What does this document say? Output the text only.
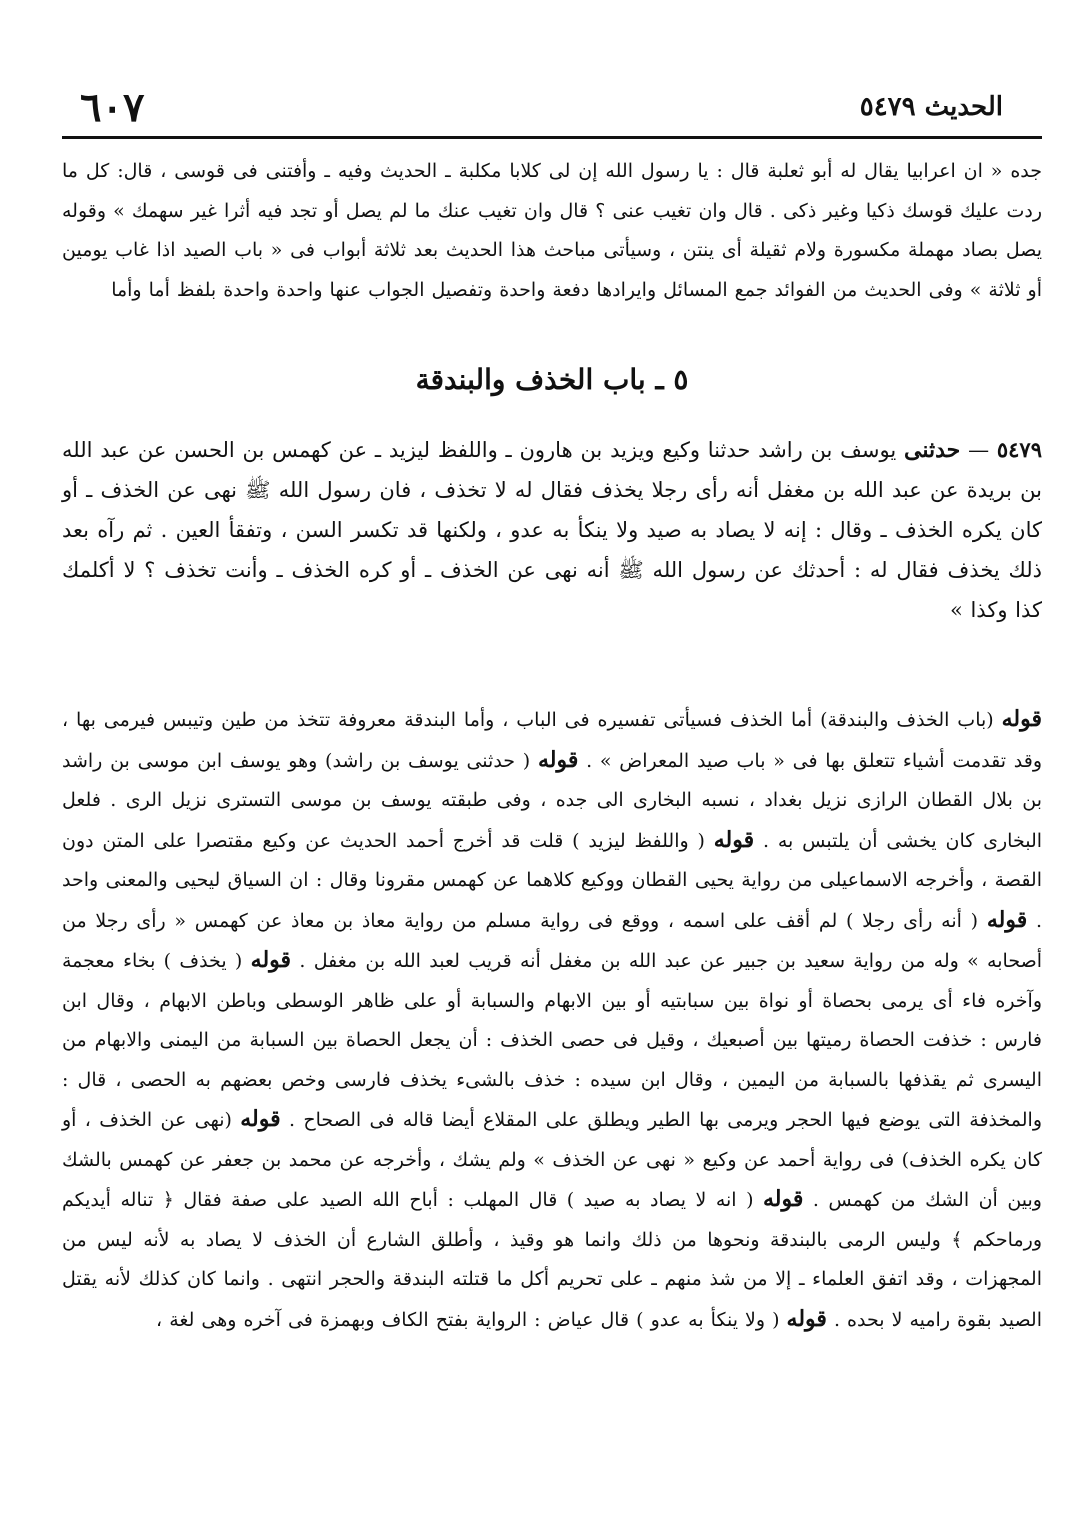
الحديث ٥٤٧٩
٦٠٧

جده « ان اعرابيا يقال له أبو ثعلبة قال : يا رسول الله إن لى كلابا مكلبة ـ الحديث وفيه ـ وأفتنى فى قوسى ، قال: كل ما ردت عليك قوسك ذكيا وغير ذكى . قال وان تغيب عنى ؟ قال وان تغيب عنك ما لم يصل أو تجد فيه أثرا غير سهمك » وقوله يصل بصاد مهملة مكسورة ولام ثقيلة أى ينتن ، وسيأتى مباحث هذا الحديث بعد ثلاثة أبواب فى « باب الصيد اذا غاب يومين أو ثلاثة » وفى الحديث من الفوائد جمع المسائل وايرادها دفعة واحدة وتفصيل الجواب عنها واحدة واحدة بلفظ أما وأما

٥ ـ باب الخذف والبندقة

٥٤٧٩ — حدثنى يوسف بن راشد حدثنا وكيع ويزيد بن هارون ـ واللفظ ليزيد ـ عن كهمس بن الحسن عن عبد الله بن بريدة عن عبد الله بن مغفل أنه رأى رجلا يخذف فقال له لا تخذف ، فان رسول الله ﷺ نهى عن الخذف ـ أو كان يكره الخذف ـ وقال : إنه لا يصاد به صيد ولا ينكأ به عدو ، ولكنها قد تكسر السن ، وتفقأ العين . ثم رآه بعد ذلك يخذف فقال له : أحدثك عن رسول الله ﷺ أنه نهى عن الخذف ـ أو كره الخذف ـ وأنت تخذف ؟ لا أكلمك كذا وكذا »

قوله (باب الخذف والبندقة) أما الخذف فسيأتى تفسيره فى الباب ، وأما البندقة معروفة تتخذ من طين وتيبس فيرمى بها ، وقد تقدمت أشياء تتعلق بها فى « باب صيد المعراض » . قوله ( حدثنى يوسف بن راشد) وهو يوسف ابن موسى بن راشد بن بلال القطان الرازى نزيل بغداد ، نسبه البخارى الى جده ، وفى طبقته يوسف بن موسى التسترى نزيل الرى . فلعل البخارى كان يخشى أن يلتبس به . قوله ( واللفظ ليزيد ) قلت قد أخرج أحمد الحديث عن وكيع مقتصرا على المتن دون القصة ، وأخرجه الاسماعيلى من رواية يحيى القطان ووكيع كلاهما عن كهمس مقرونا وقال : ان السياق ليحيى والمعنى واحد . قوله ( أنه رأى رجلا ) لم أقف على اسمه ، ووقع فى رواية مسلم من رواية معاذ بن معاذ عن كهمس « رأى رجلا من أصحابه » وله من رواية سعيد بن جبير عن عبد الله بن مغفل أنه قريب لعبد الله بن مغفل . قوله ( يخذف ) بخاء معجمة وآخره فاء أى يرمى بحصاة أو نواة بين سبابتيه أو بين الابهام والسبابة أو على ظاهر الوسطى وباطن الابهام ، وقال ابن فارس : خذفت الحصاة رميتها بين أصبعيك ، وقيل فى حصى الخذف : أن يجعل الحصاة بين السبابة من اليمنى والابهام من اليسرى ثم يقذفها بالسبابة من اليمين ، وقال ابن سيده : خذف بالشىء يخذف فارسى وخص بعضهم به الحصى ، قال : والمخذفة التى يوضع فيها الحجر ويرمى بها الطير ويطلق على المقلاع أيضا قاله فى الصحاح . قوله (نهى عن الخذف ، أو كان يكره الخذف) فى رواية أحمد عن وكيع « نهى عن الخذف » ولم يشك ، وأخرجه عن محمد بن جعفر عن كهمس بالشك وبين أن الشك من كهمس . قوله ( انه لا يصاد به صيد ) قال المهلب : أباح الله الصيد على صفة فقال ﴿ تناله أيديكم ورماحكم ﴾ وليس الرمى بالبندقة ونحوها من ذلك وانما هو وقيذ ، وأطلق الشارع أن الخذف لا يصاد به لأنه ليس من المجهزات ، وقد اتفق العلماء ـ إلا من شذ منهم ـ على تحريم أكل ما قتلته البندقة والحجر انتهى . وانما كان كذلك لأنه يقتل الصيد بقوة راميه لا بحده . قوله ( ولا ينكأ به عدو ) قال عياض : الرواية بفتح الكاف وبهمزة فى آخره وهى لغة ،
